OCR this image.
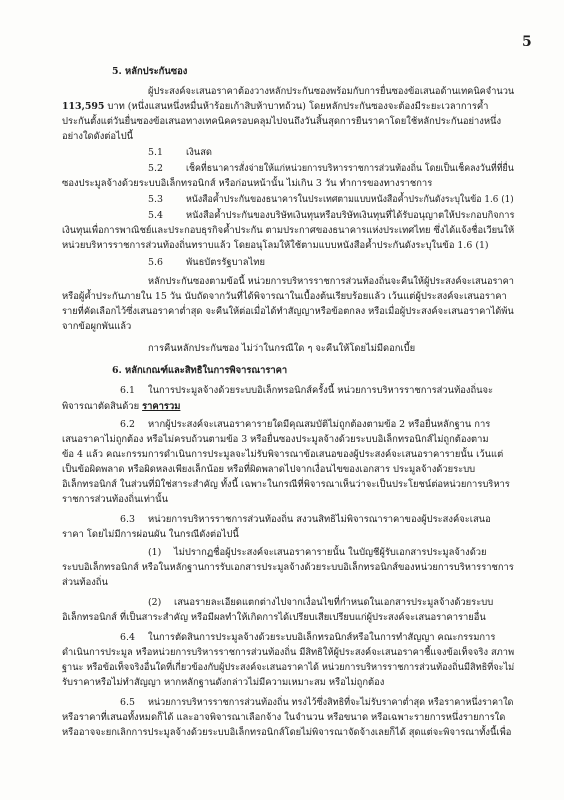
5
5. หลักประกันซอง
ผู้ประสงค์จะเสนอราคาต้องวางหลักประกันซองพร้อมกับการยื่นซองข้อเสนอด้านเทคนิคจำนวน
113,595 บาท (หนึ่งแสนหนึ่งหมื่นห้าร้อยเก้าสิบห้าบาทถ้วน) โดยหลักประกันซองจะต้องมีระยะเวลาการค้ำ
ประกันตั้งแต่วันยื่นซองข้อเสนอทางเทคนิคครอบคลุมไปจนถึงวันสิ้นสุดการยืนราคาโดยใช้หลักประกันอย่างหนึ่ง
อย่างใดดังต่อไปนี้
5.1 เงินสด
5.2 เช็คที่ธนาคารสั่งจ่ายให้แก่หน่วยการบริหารราชการส่วนท้องถิ่น โดยเป็นเช็คลงวันที่ที่ยื่น
ซองประมูลจ้างด้วยระบบอิเล็กทรอนิกส์ หรือก่อนหน้านั้น ไม่เกิน 3 วัน ทำการของทางราชการ
5.3 หนังสือค้ำประกันของธนาคารในประเทศตามแบบหนังสือค้ำประกันดังระบุในข้อ 1.6 (1)
5.4 หนังสือค้ำประกันของบริษัทเงินทุนหรือบริษัทเงินทุนที่ได้รับอนุญาตให้ประกอบกิจการ
เงินทุนเพื่อการพาณิชย์และประกอบธุรกิจค้ำประกัน ตามประกาศของธนาคารแห่งประเทศไทย ซึ่งได้แจ้งชื่อเวียนให้
หน่วยบริหารราชการส่วนท้องถิ่นทราบแล้ว โดยอนุโลมให้ใช้ตามแบบหนังสือค้ำประกันดังระบุในข้อ 1.6 (1)
5.6 พันธบัตรรัฐบาลไทย
หลักประกันซองตามข้อนี้ หน่วยการบริหารราชการส่วนท้องถิ่นจะคืนให้ผู้ประสงค์จะเสนอราคา
หรือผู้ค้ำประกันภายใน 15 วัน นับถัดจากวันที่ได้พิจารณาในเบื้องต้นเรียบร้อยแล้ว เว้นแต่ผู้ประสงค์จะเสนอราคา
รายที่คัดเลือกไว้ซึ่งเสนอราคาต่ำสุด จะคืนให้ต่อเมื่อได้ทำสัญญาหรือข้อตกลง หรือเมื่อผู้ประสงค์จะเสนอราคาได้พ้น
จากข้อผูกพันแล้ว
การคืนหลักประกันซอง ไม่ว่าในกรณีใด ๆ จะคืนให้โดยไม่มีดอกเบี้ย
6. หลักเกณฑ์และสิทธิในการพิจารณาราคา
6.1 ในการประมูลจ้างด้วยระบบอิเล็กทรอนิกส์ครั้งนี้ หน่วยการบริหารราชการส่วนท้องถิ่นจะ
พิจารณาตัดสินด้วย ราคารวม
6.2 หากผู้ประสงค์จะเสนอราคารายใดมีคุณสมบัติไม่ถูกต้องตามข้อ 2 หรือยื่นหลักฐาน การ
เสนอราคาไม่ถูกต้อง หรือไม่ครบถ้วนตามข้อ 3 หรือยื่นซองประมูลจ้างด้วยระบบอิเล็กทรอนิกส์ไม่ถูกต้องตาม
ข้อ 4 แล้ว คณะกรรมการดำเนินการประมูลจะไม่รับพิจารณาข้อเสนอของผู้ประสงค์จะเสนอราคารายนั้น เว้นแต่
เป็นข้อผิดพลาด หรือผิดหลงเพียงเล็กน้อย หรือที่ผิดพลาดไปจากเงื่อนไขของเอกสาร ประมูลจ้างด้วยระบบ
อิเล็กทรอนิกส์ ในส่วนที่มิใช่สาระสำคัญ ทั้งนี้ เฉพาะในกรณีที่พิจารณาเห็นว่าจะเป็นประโยชน์ต่อหน่วยการบริหาร
ราชการส่วนท้องถิ่นเท่านั้น
6.3 หน่วยการบริหารราชการส่วนท้องถิ่น สงวนสิทธิไม่พิจารณาราคาของผู้ประสงค์จะเสนอ
ราคา โดยไม่มีการผ่อนผัน ในกรณีดังต่อไปนี้
(1) ไม่ปรากฏชื่อผู้ประสงค์จะเสนอราคารายนั้น ในบัญชีผู้รับเอกสารประมูลจ้างด้วย
ระบบอิเล็กทรอนิกส์ หรือในหลักฐานการรับเอกสารประมูลจ้างด้วยระบบอิเล็กทรอนิกส์ของหน่วยการบริหารราชการ
ส่วนท้องถิ่น
(2) เสนอรายละเอียดแตกต่างไปจากเงื่อนไขที่กำหนดในเอกสารประมูลจ้างด้วยระบบ
อิเล็กทรอนิกส์ ที่เป็นสาระสำคัญ หรือมีผลทำให้เกิดการได้เปรียบเสียเปรียบแก่ผู้ประสงค์จะเสนอราคารายอื่น
6.4 ในการตัดสินการประมูลจ้างด้วยระบบอิเล็กทรอนิกส์หรือในการทำสัญญา คณะกรรมการ
ดำเนินการประมูล หรือหน่วยการบริหารราชการส่วนท้องถิ่น มีสิทธิให้ผู้ประสงค์จะเสนอราคาชี้แจงข้อเท็จจริง สภาพ
ฐานะ หรือข้อเท็จจริงอื่นใดที่เกี่ยวข้องกับผู้ประสงค์จะเสนอราคาได้ หน่วยการบริหารราชการส่วนท้องถิ่นมีสิทธิที่จะไม่
รับราคาหรือไม่ทำสัญญา หากหลักฐานดังกล่าวไม่มีความเหมาะสม หรือไม่ถูกต้อง
6.5 หน่วยการบริหารราชการส่วนท้องถิ่น ทรงไว้ซึ่งสิทธิที่จะไม่รับราคาต่ำสุด หรือราคาหนึ่งราคาใด
หรือราคาที่เสนอทั้งหมดก็ได้ และอาจพิจารณาเลือกจ้าง ในจำนวน หรือขนาด หรือเฉพาะรายการหนึ่งรายการใด
หรืออาจจะยกเลิกการประมูลจ้างด้วยระบบอิเล็กทรอนิกส์โดยไม่พิจารณาจัดจ้างเลยก็ได้ สุดแต่จะพิจารณาทั้งนี้เพื่อ
